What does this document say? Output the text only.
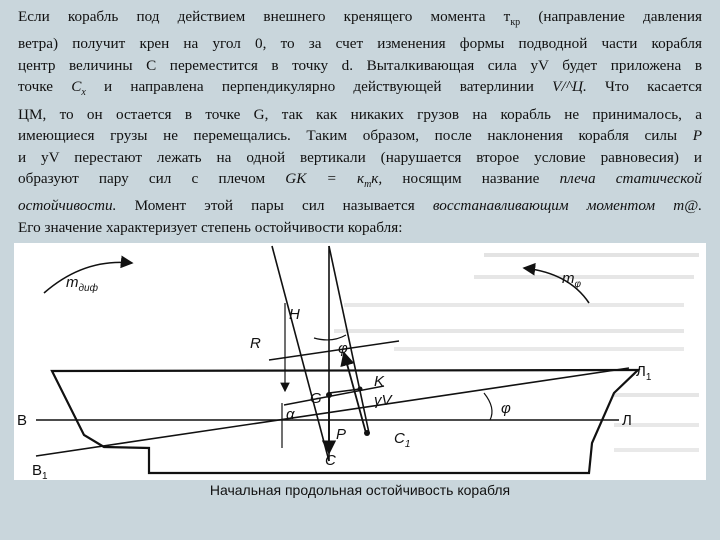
Если корабль под действием внешнего кренящего момента $т_{кр}$ (направление давления
ветра) получит крен на угол 0, то за счет изменения формы подводной части корабля
центр величины С переместится в точку d. Выталкивающая сила уV будет приложена в
точке $C_x$ и направлена перпендикулярно действующей ватерлинии V/^Ц. Что касается
ЦМ, то он остается в точке G, так как никаких грузов на корабль не принималось, а
имеющиеся грузы не перемещались. Таким образом, после наклонения корабля силы Р
и уV перестают лежать на одной вертикали (нарушается второе условие равновесия) и
образуют пару сил с плечом GK = $к_тк$, носящим название плеча статической
остойчивости. Момент этой пары сил называется восстанавливающим моментом т@.
Его значение характеризует степень остойчивости корабля:
$m_{диф}$
$m_\varphi$
H
R	φ
K
G	γV
α
P	$C_1$
C
B
$B_1$
Л
$Л_1$
φ
Начальная продольная остойчивость корабля
